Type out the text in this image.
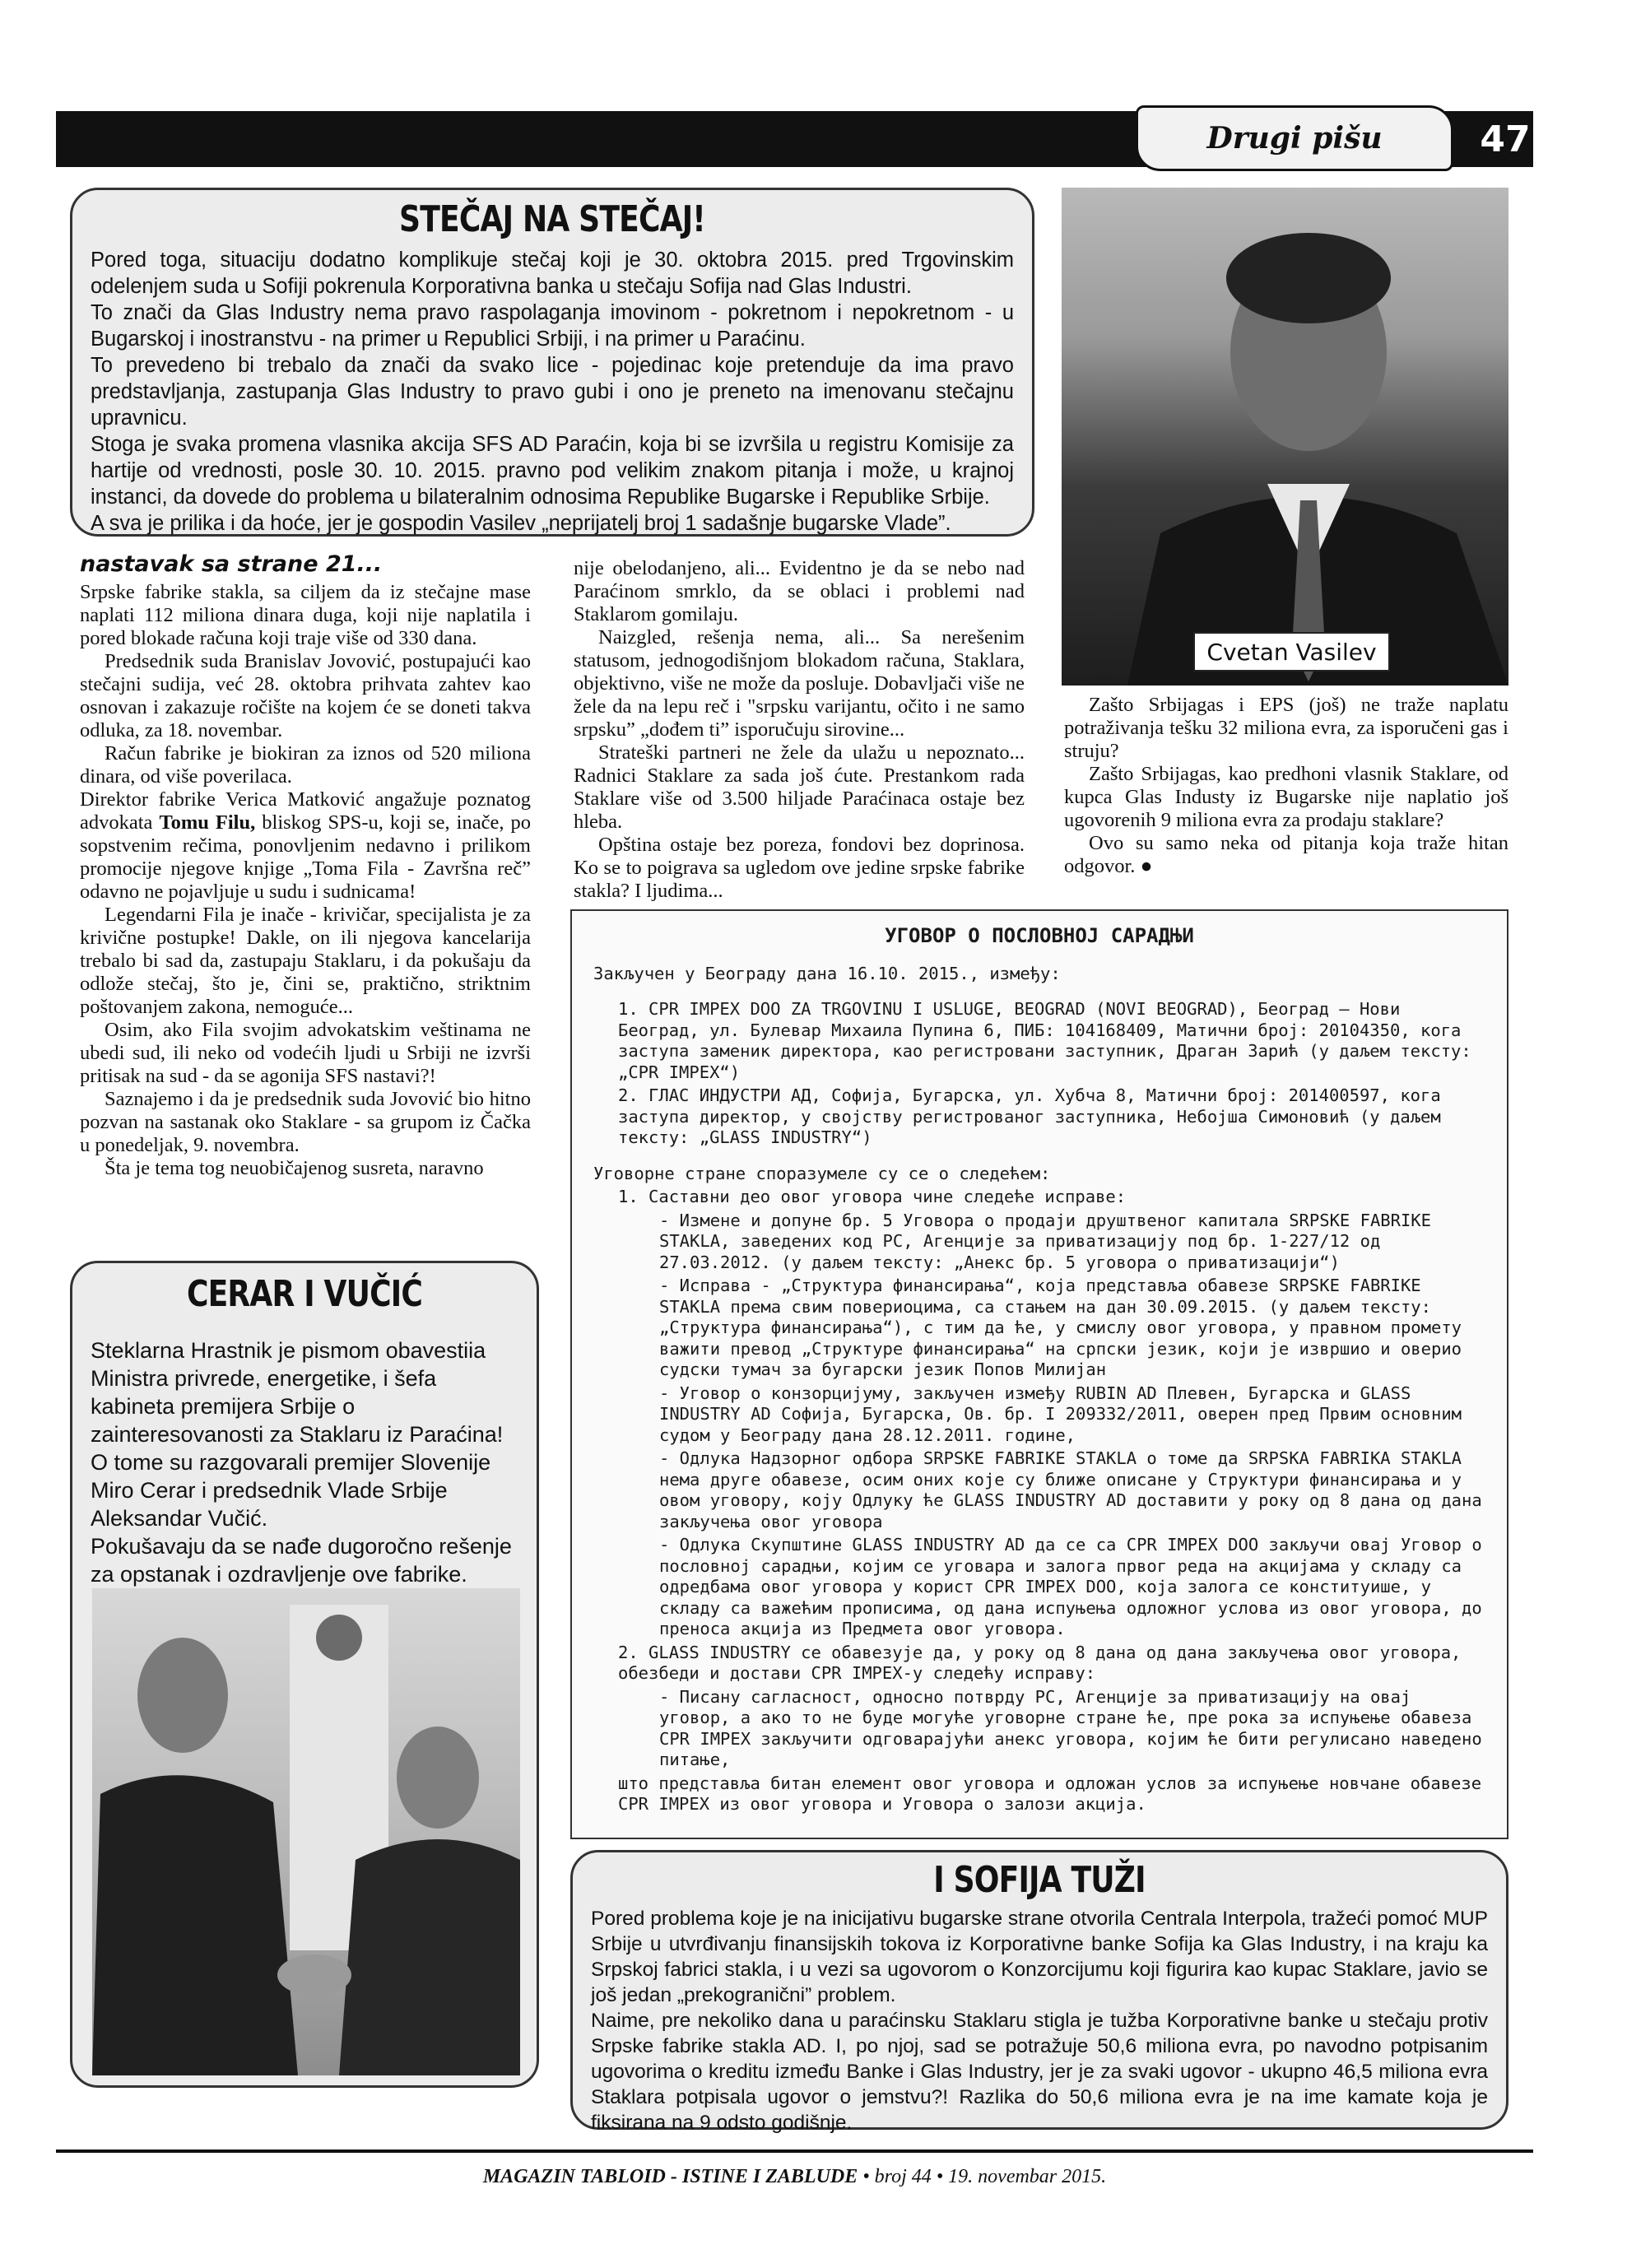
Drugi pišu	47
STEČAJ NA STEČAJ!

Pored toga, situaciju dodatno komplikuje stečaj koji je 30. oktobra 2015. pred Trgovinskim odelenjem suda u Sofiji pokrenula Korporativna banka u stečaju Sofija nad Glas Industri.

To znači da Glas Industry nema pravo raspolaganja imovinom - pokretnom i nepokretnom - u Bugarskoj i inostranstvu - na primer u Republici Srbiji, i na primer u Paraćinu.

To prevedeno bi trebalo da znači da svako lice - pojedinac koje pretenduje da ima pravo predstavljanja, zastupanja Glas Industry to pravo gubi i ono je preneto na imenovanu stečajnu upravnicu.

Stoga je svaka promena vlasnika akcija SFS AD Paraćin, koja bi se izvršila u registru Komisije za hartije od vrednosti, posle 30. 10. 2015. pravno pod velikim znakom pitanja i može, u krajnoj instanci, da dovede do problema u bilateralnim odnosima Republike Bugarske i Republike Srbije.

A sva je prilika i da hoće, jer je gospodin Vasilev „neprijatelj broj 1 sadašnje bugarske Vlade”.

Cvetan Vasilev
nastavak sa strane 21...

Srpske fabrike stakla, sa ciljem da iz stečajne mase naplati 112 miliona dinara duga, koji nije naplatila i pored blokade računa koji traje više od 330 dana.

Predsednik suda Branislav Jovović, postupajući kao stečajni sudija, već 28. oktobra prihvata zahtev kao osnovan i zakazuje ročište na kojem će se doneti takva odluka, za 18. novembar.

Račun fabrike je biokiran za iznos od 520 miliona dinara, od više poverilaca.

Direktor fabrike Verica Matković angažuje poznatog advokata Tomu Filu, bliskog SPS-u, koji se, inače, po sopstvenim rečima, ponovljenim nedavno i prilikom promocije njegove knjige „Toma Fila - Završna reč” odavno ne pojavljuje u sudu i sudnicama!

Legendarni Fila je inače - krivičar, specijalista je za krivične postupke! Dakle, on ili njegova kancelarija trebalo bi sad da, zastupaju Staklaru, i da pokušaju da odlože stečaj, što je, čini se, praktično, striktnim poštovanjem zakona, nemoguće...

Osim, ako Fila svojim advokatskim veštinama ne ubedi sud, ili neko od vodećih ljudi u Srbiji ne izvrši pritisak na sud - da se agonija SFS nastavi?!

Saznajemo i da je predsednik suda Jovović bio hitno pozvan na sastanak oko Staklare - sa grupom iz Čačka u ponedeljak, 9. novembra.

Šta je tema tog neuobičajenog susreta, naravno

nije obelodanjeno, ali... Evidentno je da se nebo nad Paraćinom smrklo, da se oblaci i problemi nad Staklarom gomilaju.

Naizgled, rešenja nema, ali... Sa nerešenim statusom, jednogodišnjom blokadom računa, Staklara, objektivno, više ne može da posluje. Dobavljači više ne žele da na lepu reč i "srpsku varijantu, očito i ne samo srpsku” „dođem ti” isporučuju sirovine...

Strateški partneri ne žele da ulažu u nepoznato... Radnici Staklare za sada još ćute. Prestankom rada Staklare više od 3.500 hiljade Paraćinaca ostaje bez hleba.

Opština ostaje bez poreza, fondovi bez doprinosa. Ko se to poigrava sa ugledom ove jedine srpske fabrike stakla? I ljudima...

Zašto Srbijagas i EPS (još) ne traže naplatu potraživanja tešku 32 miliona evra, za isporučeni gas i struju?

Zašto Srbijagas, kao predhoni vlasnik Staklare, od kupca Glas Industy iz Bugarske nije naplatio još ugovorenih 9 miliona evra za prodaju staklare?

Ovo su samo neka od pitanja koja traže hitan odgovor. ●

CERAR I VUČIĆ

Steklarna Hrastnik je pismom obavestiia Ministra privrede, energetike, i šefa kabineta premijera Srbije o zainteresovanosti za Staklaru iz Paraćina!

O tome su razgovarali premijer Slovenije Miro Cerar i predsednik Vlade Srbije Aleksandar Vučić.

Pokušavaju da se nađe dugoročno rešenje za opstanak i ozdravljenje ove fabrike.

УГОВОР О ПОСЛОВНОЈ САРАДЊИ

Закључен у Београду дана 16.10. 2015., између:

1. CPR IMPEX DOO ZA TRGOVINU I USLUGE, BEOGRAD (NOVI BEOGRAD), Београд – Нови Београд, ул. Булевар Михаила Пупина 6, ПИБ: 104168409, Матични број: 20104350, кога заступа заменик директора, као регистровани заступник, Драган Зарић (у даљем тексту: „CPR IMPEX“)

2. ГЛАС ИНДУСТРИ АД, Софија, Бугарска, ул. Хубча 8, Матични број: 201400597, кога заступа директор, у својству регистрованог заступника, Небојша Симоновић (у даљем тексту: „GLASS INDUSTRY“)

Уговорне стране споразумеле су се о следећем:

1. Саставни део овог уговора чине следеће исправе:

- Измене и допуне бр. 5 Уговора о продаји друштвеног капитала SRPSKE FABRIKE STAKLA, заведених код PC, Агенције за приватизацију под бр. 1-227/12 од 27.03.2012. (у даљем тексту: „Анекс бр. 5 уговора о приватизацији“)

- Исправа - „Структура финансирања“, која представља обавезе SRPSKE FABRIKE STAKLA према свим повериоцима, са стањем на дан 30.09.2015. (у даљем тексту: „Структура финансирања“), с тим да ће, у смислу овог уговора, у правном промету важити превод „Структуре финансирања“ на српски језик, који је извршио и оверио судски тумач за бугарски језик Попов Милијан

- Уговор о конзорцијуму, закључен између RUBIN AD Плевен, Бугарска и GLASS INDUSTRY AD Софија, Бугарска, Ов. бр. I 209332/2011, оверен пред Првим основним судом у Београду дана 28.12.2011. године,

- Одлука Надзорног одбора SRPSKE FABRIKE STAKLA о томе да SRPSKA FABRIKA STAKLA нема друге обавезе, осим оних које су ближе описане у Структури финансирања и у овом уговору, коју Одлуку ће GLASS INDUSTRY AD доставити у року од 8 дана од дана закључења овог уговора

- Одлука Скупштине GLASS INDUSTRY AD да се са CPR IMPEX DOO закључи овај Уговор о пословној сарадњи, којим се уговара и залога првог реда на акцијама у складу са одредбама овог уговора у корист CPR IMPEX DOO, која залога се конституише, у складу са важећим прописима, од дана испуњења одложног услова из овог уговора, до преноса акција из Предмета овог уговора.

2. GLASS INDUSTRY се обавезује да, у року од 8 дана од дана закључења овог уговора, обезбеди и достави CPR IMPEX-у следећу исправу:

- Писану сагласност, односно потврду PC, Агенције за приватизацију на овај уговор, а ако то не буде могуће уговорне стране ће, пре рока за испуњење обавеза CPR IMPEX закључити одговарајући анекс уговора, којим ће бити регулисано наведено питање,

што представља битан елемент овог уговора и одложан услов за испуњење новчане обавезе CPR IMPEX из овог уговора и Уговора о залози акција.

I SOFIJA TUŽI

Pored problema koje je na inicijativu bugarske strane otvorila Centrala Interpola, tražeći pomoć MUP Srbije u utvrđivanju finansijskih tokova iz Korporativne banke Sofija ka Glas Industry, i na kraju ka Srpskoj fabrici stakla, i u vezi sa ugovorom o Konzorcijumu koji figurira kao kupac Staklare, javio se još jedan „prekogranični” problem.

Naime, pre nekoliko dana u paraćinsku Staklaru stigla je tužba Korporativne banke u stečaju protiv Srpske fabrike stakla AD. I, po njoj, sad se potražuje 50,6 miliona evra, po navodno potpisanim ugovorima o kreditu između Banke i Glas Industry, jer je za svaki ugovor - ukupno 46,5 miliona evra Staklara potpisala ugovor o jemstvu?! Razlika do 50,6 miliona evra je na ime kamate koja je fiksirana na 9 odsto godišnje.

MAGAZIN TABLOID - ISTINE I ZABLUDE • broj 44 • 19. novembar 2015.
